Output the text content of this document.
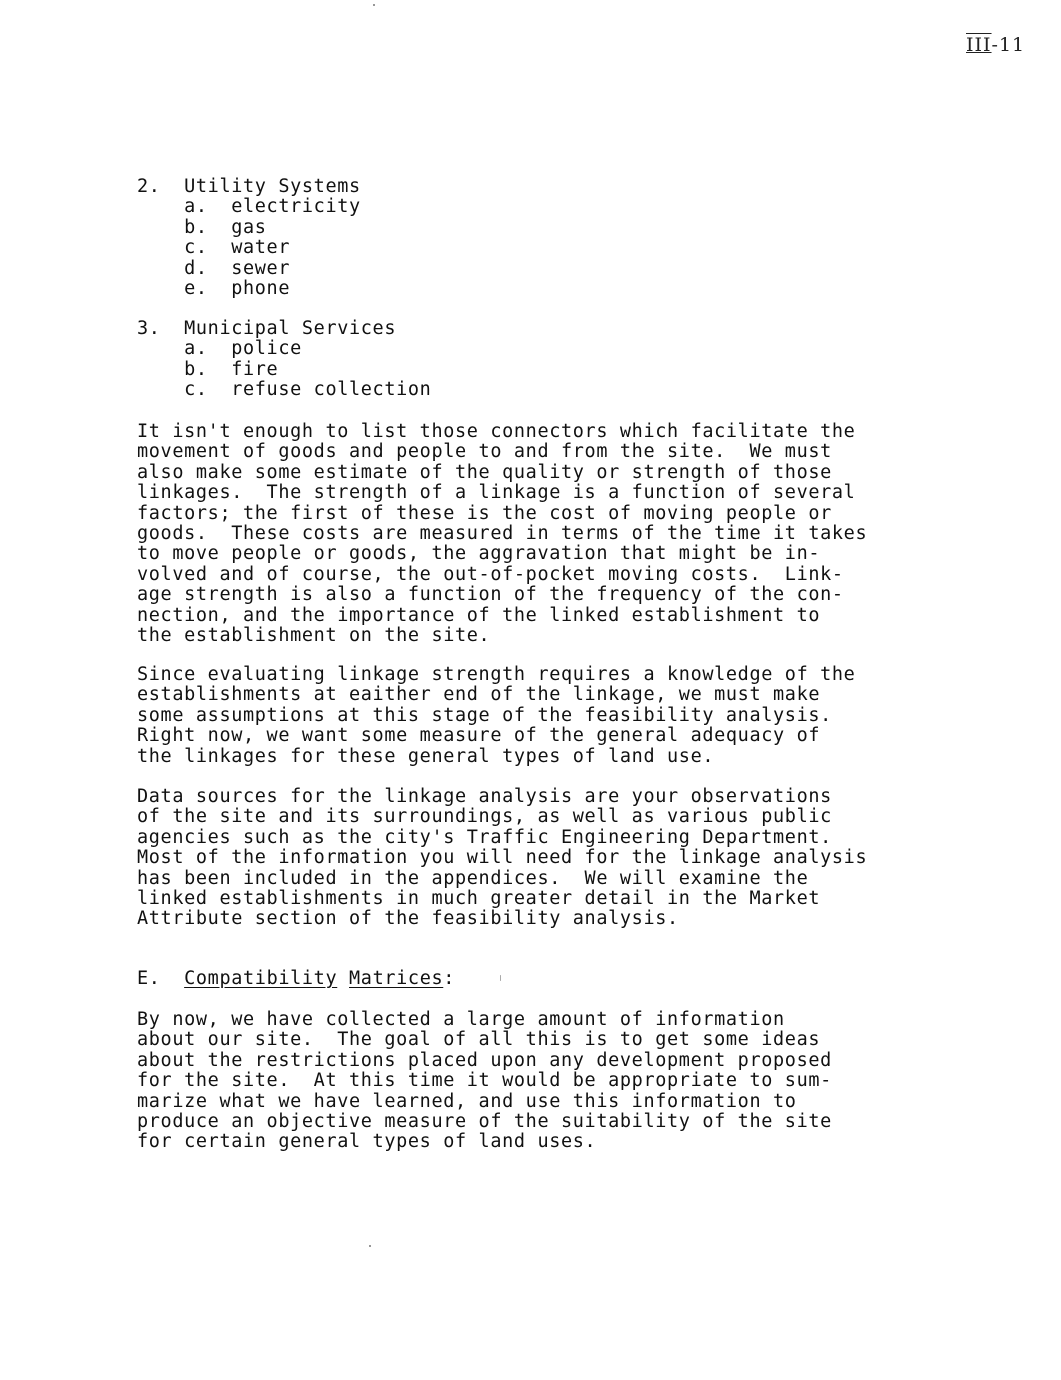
III-11
2.  Utility Systems
a.  electricity
b.  gas
c.  water
d.  sewer
e.  phone
3.  Municipal Services
a.  police
b.  fire
c.  refuse collection
It isn't enough to list those connectors which facilitate the
movement of goods and people to and from the site.  We must
also make some estimate of the quality or strength of those
linkages.  The strength of a linkage is a function of several
factors; the first of these is the cost of moving people or
goods.  These costs are measured in terms of the time it takes
to move people or goods, the aggravation that might be in-
volved and of course, the out-of-pocket moving costs.  Link-
age strength is also a function of the frequency of the con-
nection, and the importance of the linked establishment to
the establishment on the site.
Since evaluating linkage strength requires a knowledge of the
establishments at eaither end of the linkage, we must make
some assumptions at this stage of the feasibility analysis.
Right now, we want some measure of the general adequacy of
the linkages for these general types of land use.
Data sources for the linkage analysis are your observations
of the site and its surroundings, as well as various public
agencies such as the city's Traffic Engineering Department.
Most of the information you will need for the linkage analysis
has been included in the appendices.  We will examine the
linked establishments in much greater detail in the Market
Attribute section of the feasibility analysis.
E. Compatibility Matrices:
By now, we have collected a large amount of information
about our site.  The goal of all this is to get some ideas
about the restrictions placed upon any development proposed
for the site.  At this time it would be appropriate to sum-
marize what we have learned, and use this information to
produce an objective measure of the suitability of the site
for certain general types of land uses.
